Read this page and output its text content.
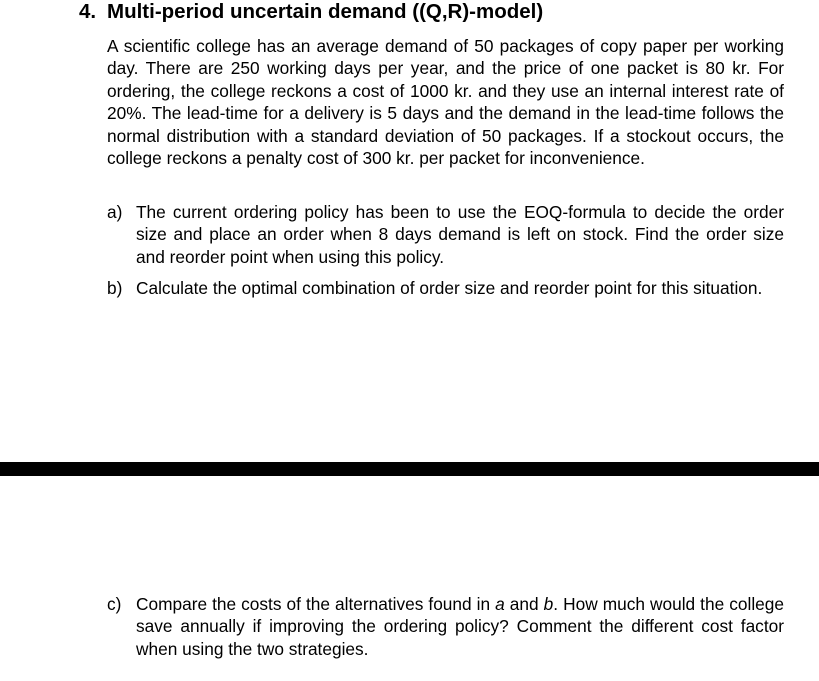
4. Multi-period uncertain demand ((Q,R)-model)

A scientific college has an average demand of 50 packages of copy paper per working day. There are 250 working days per year, and the price of one packet is 80 kr. For ordering, the college reckons a cost of 1000 kr. and they use an internal interest rate of 20%. The lead-time for a delivery is 5 days and the demand in the lead-time follows the normal distribution with a standard deviation of 50 packages. If a stockout occurs, the college reckons a penalty cost of 300 kr. per packet for inconvenience.

a) The current ordering policy has been to use the EOQ-formula to decide the order size and place an order when 8 days demand is left on stock. Find the order size and reorder point when using this policy.
b) Calculate the optimal combination of order size and reorder point for this situation.
c) Compare the costs of the alternatives found in a and b. How much would the college save annually if improving the ordering policy? Comment the different cost factor when using the two strategies.
